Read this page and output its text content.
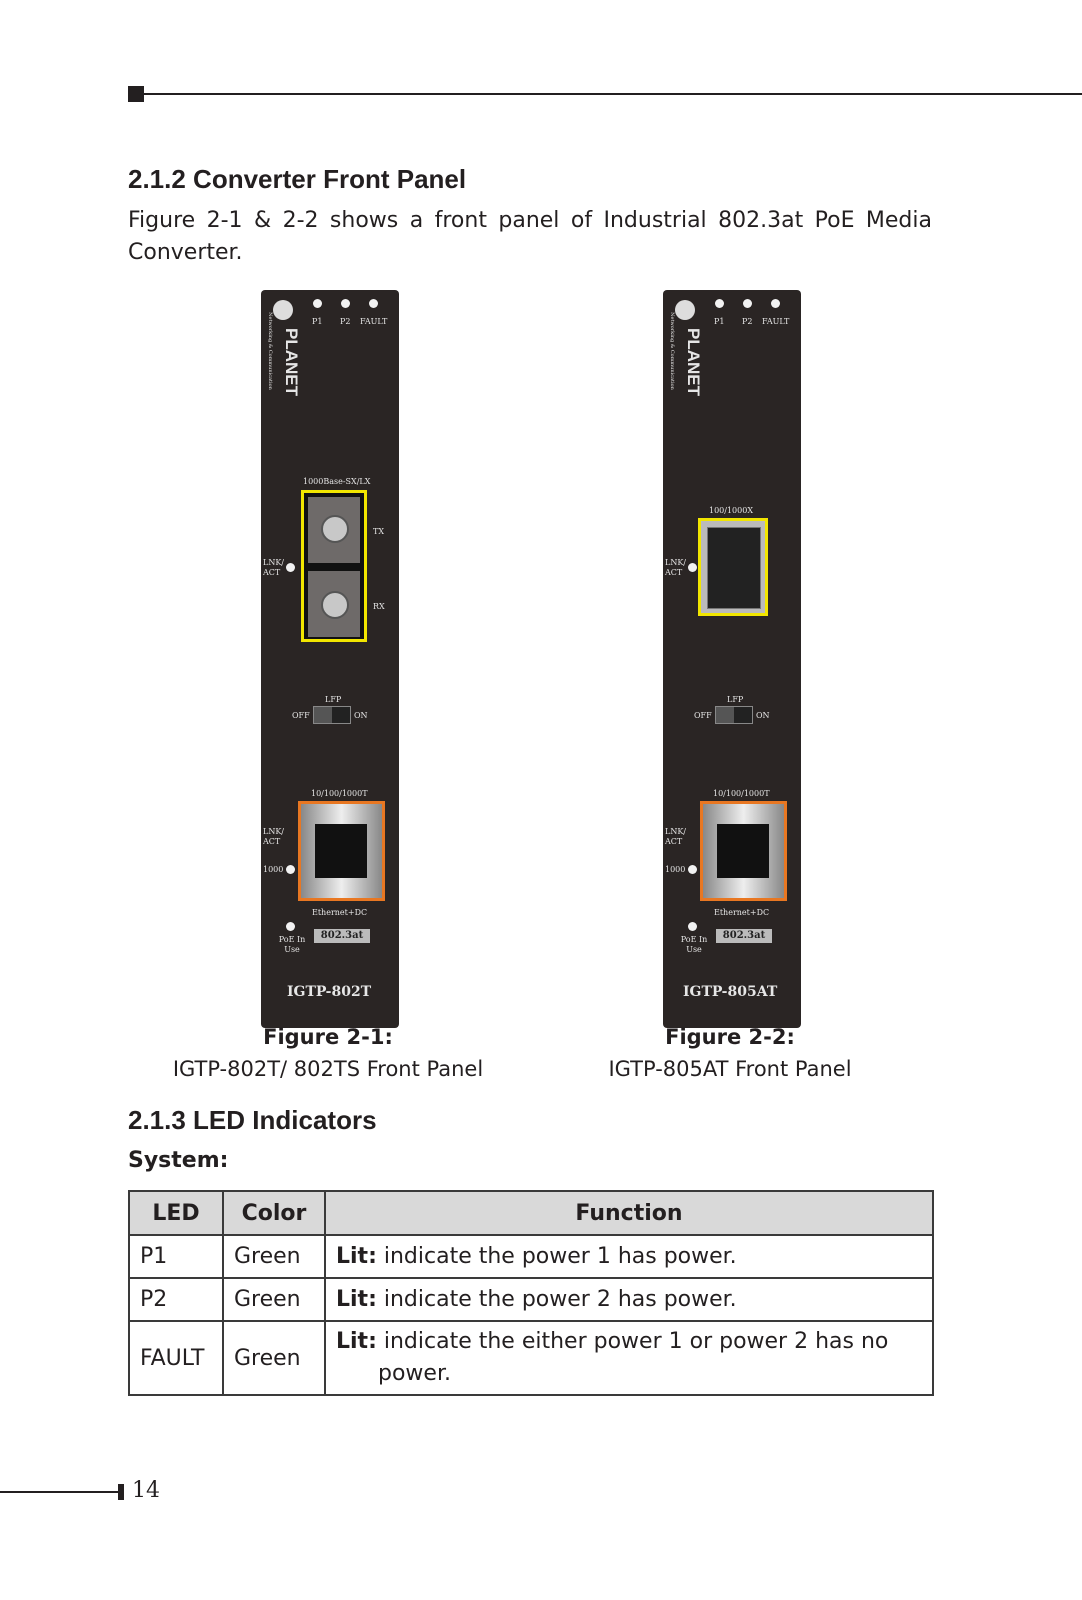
2.1.2 Converter Front Panel
Figure 2-1 & 2-2 shows a front panel of Industrial 802.3at PoE Media Converter.
PLANET
Networking & Communication	P1 P2 FAULT
1000Base-SX/LX
TX
RX
LNK/ ACT
LFP
OFF	ON
10/100/1000T
LNK/ ACT
1000
Ethernet+DC
PoE In Use
802.3at
IGTP-802T
PLANET
Networking & Communication	P1 P2 FAULT
100/1000X
LNK/ ACT
LFP
OFF	ON
10/100/1000T
LNK/ ACT
1000
Ethernet+DC
PoE In Use
802.3at
IGTP-805AT
Figure 2-1:
IGTP-802T/ 802TS Front Panel
Figure 2-2:
IGTP-805AT Front Panel
2.1.3 LED Indicators
System:
LED	Color	Function
P1	Green	Lit: indicate the power 1 has power.
P2	Green	Lit: indicate the power 2 has power.
FAULT	Green	Lit: indicate the either power 1 or power 2 has no power.
14
